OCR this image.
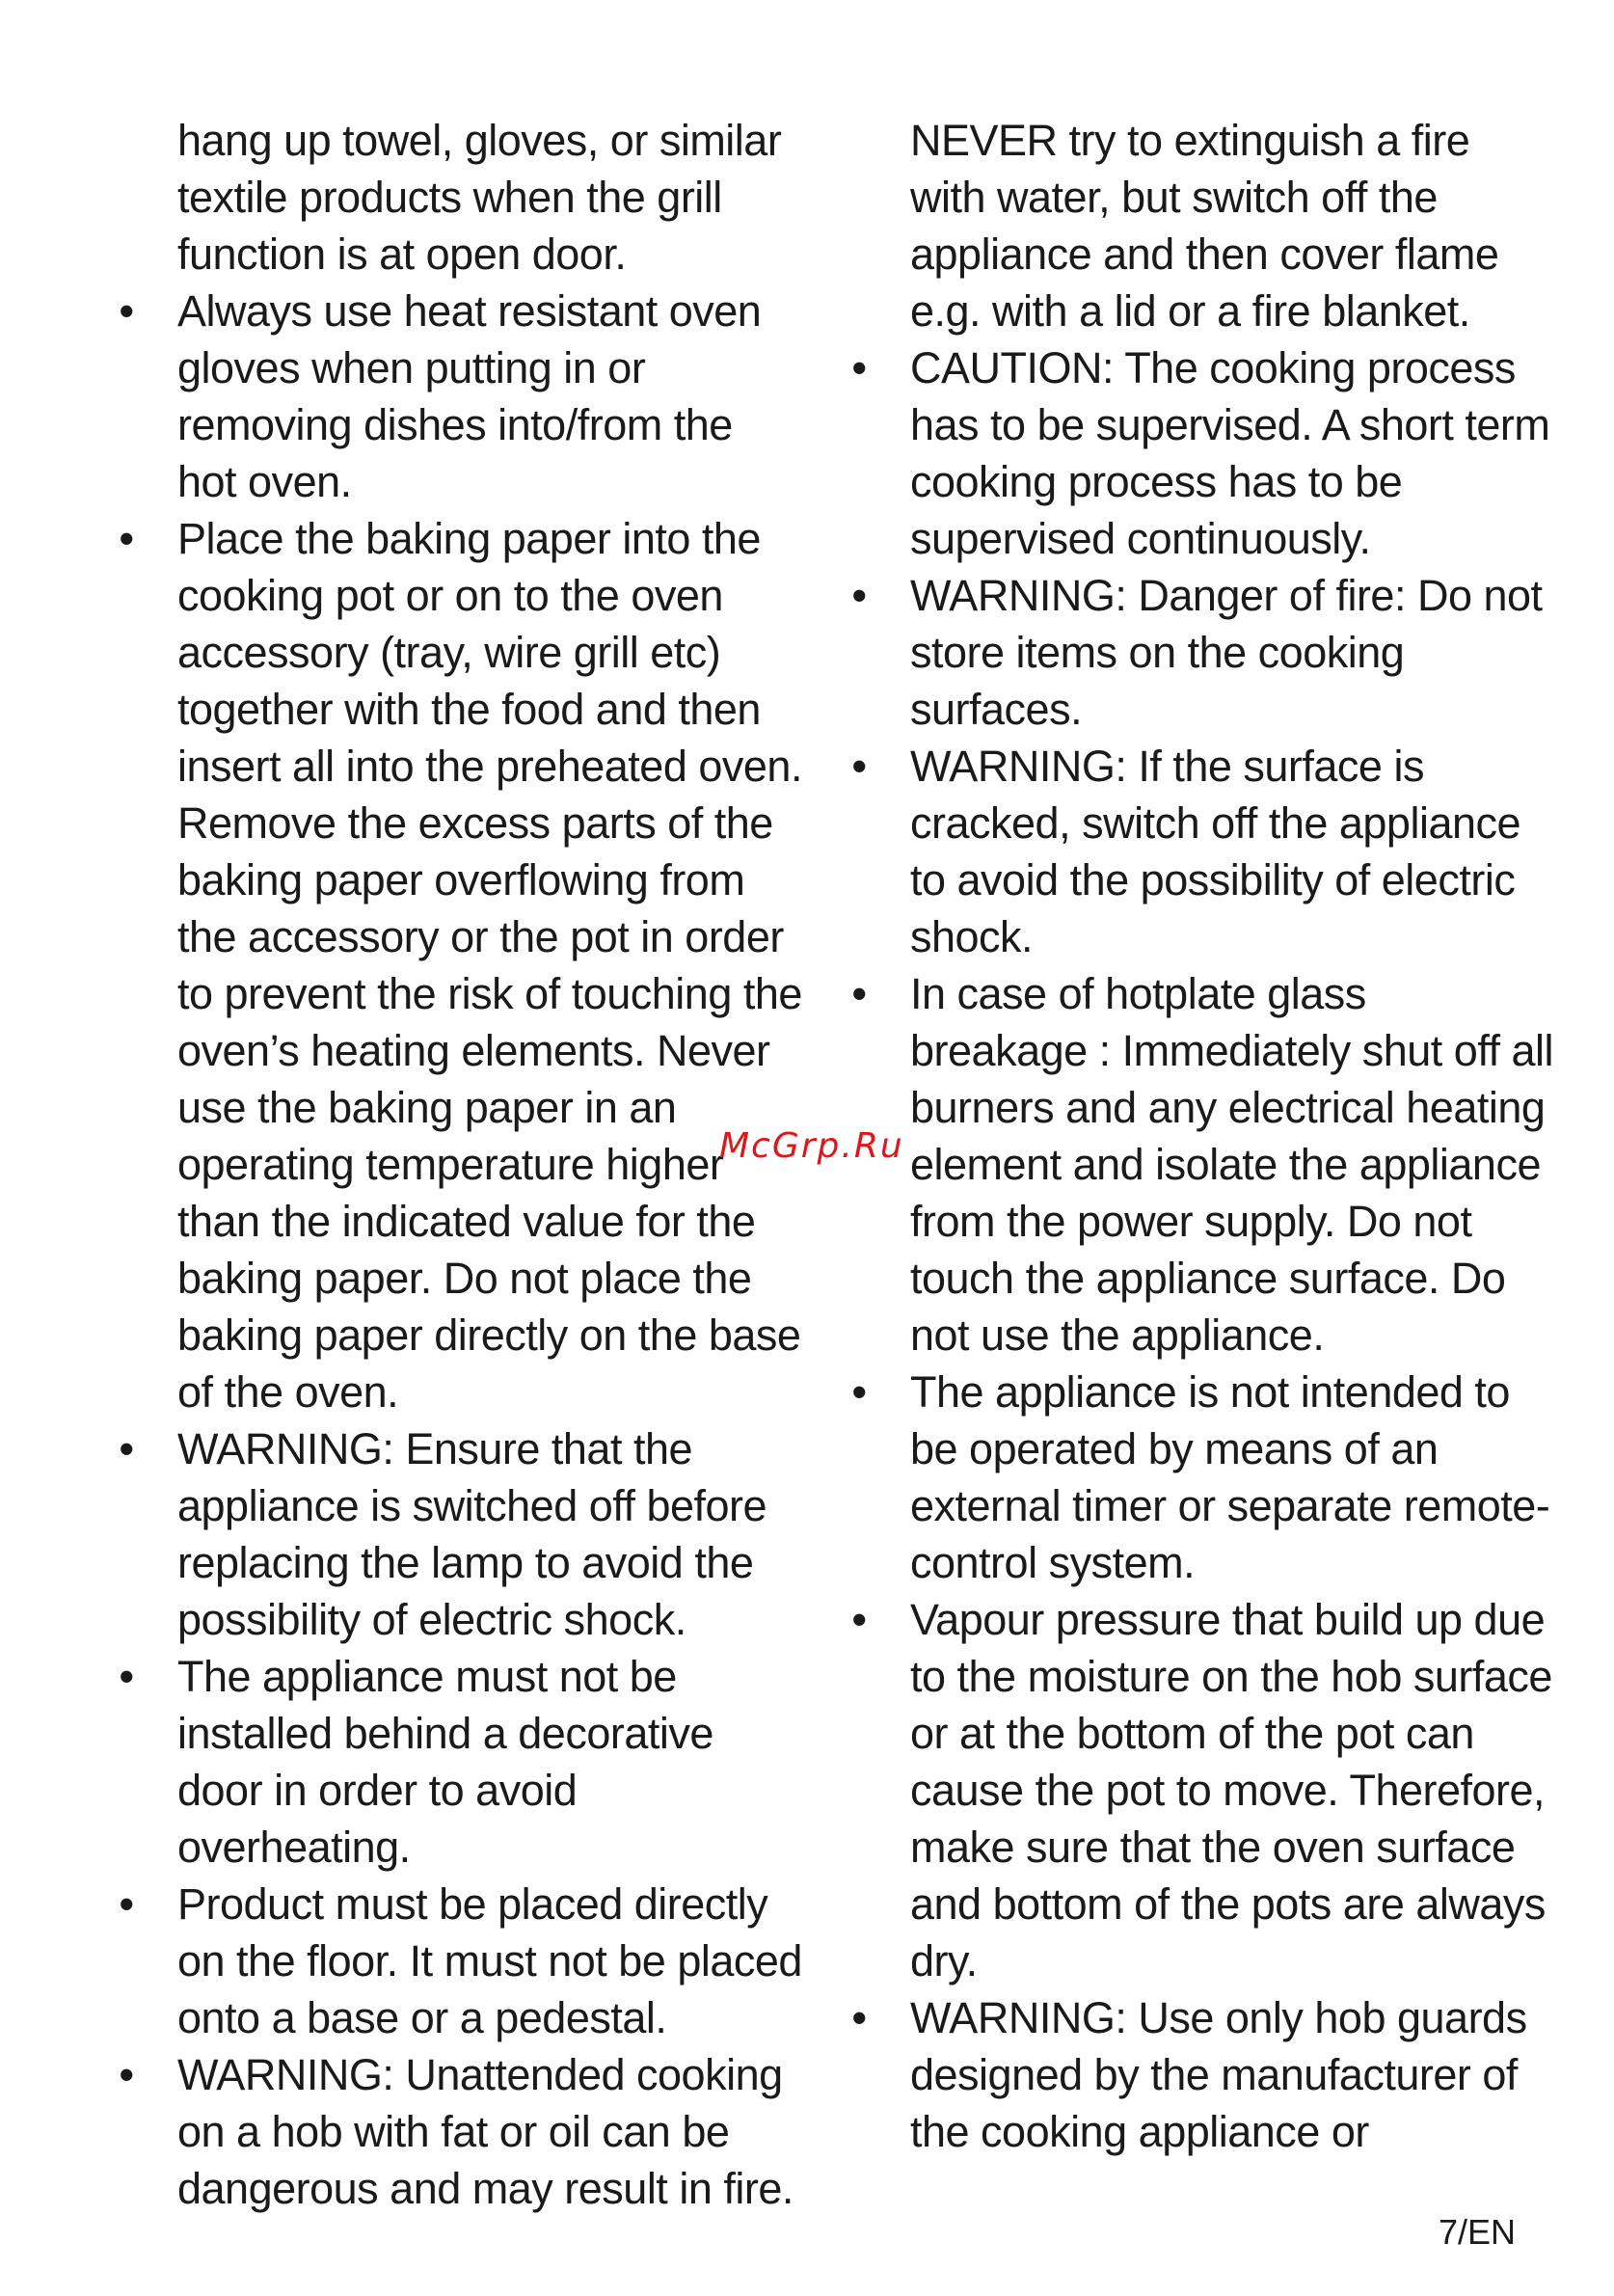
hang up towel, gloves, or similar textile products when the grill function is at open door.

• Always use heat resistant oven gloves when putting in or removing dishes into/from the hot oven.
• Place the baking paper into the cooking pot or on to the oven accessory (tray, wire grill etc) together with the food and then insert all into the preheated oven. Remove the excess parts of the baking paper overflowing from the accessory or the pot in order to prevent the risk of touching the oven’s heating elements. Never use the baking paper in an operating temperature higher than the indicated value for the baking paper. Do not place the baking paper directly on the base of the oven.
• WARNING: Ensure that the appliance is switched off before replacing the lamp to avoid the possibility of electric shock.
• The appliance must not be installed behind a decorative door in order to avoid overheating.
• Product must be placed directly on the floor. It must not be placed onto a base or a pedestal.
• WARNING: Unattended cooking on a hob with fat or oil can be dangerous and may result in fire.

NEVER try to extinguish a fire with water, but switch off the appliance and then cover flame e.g. with a lid or a fire blanket.

• CAUTION: The cooking process has to be supervised. A short term cooking process has to be supervised continuously.
• WARNING: Danger of fire: Do not store items on the cooking surfaces.
• WARNING: If the surface is cracked, switch off the appliance to avoid the possibility of electric shock.
• In case of hotplate glass breakage : Immediately shut off all burners and any electrical heating element and isolate the appliance from the power supply. Do not touch the appliance surface. Do not use the appliance.
• The appliance is not intended to be operated by means of an external timer or separate remote-control system.
• Vapour pressure that build up due to the moisture on the hob surface or at the bottom of the pot can cause the pot to move. Therefore, make sure that the oven surface and bottom of the pots are always dry.
• WARNING: Use only hob guards designed by the manufacturer of the cooking appliance or
McGrp.Ru
7/EN
